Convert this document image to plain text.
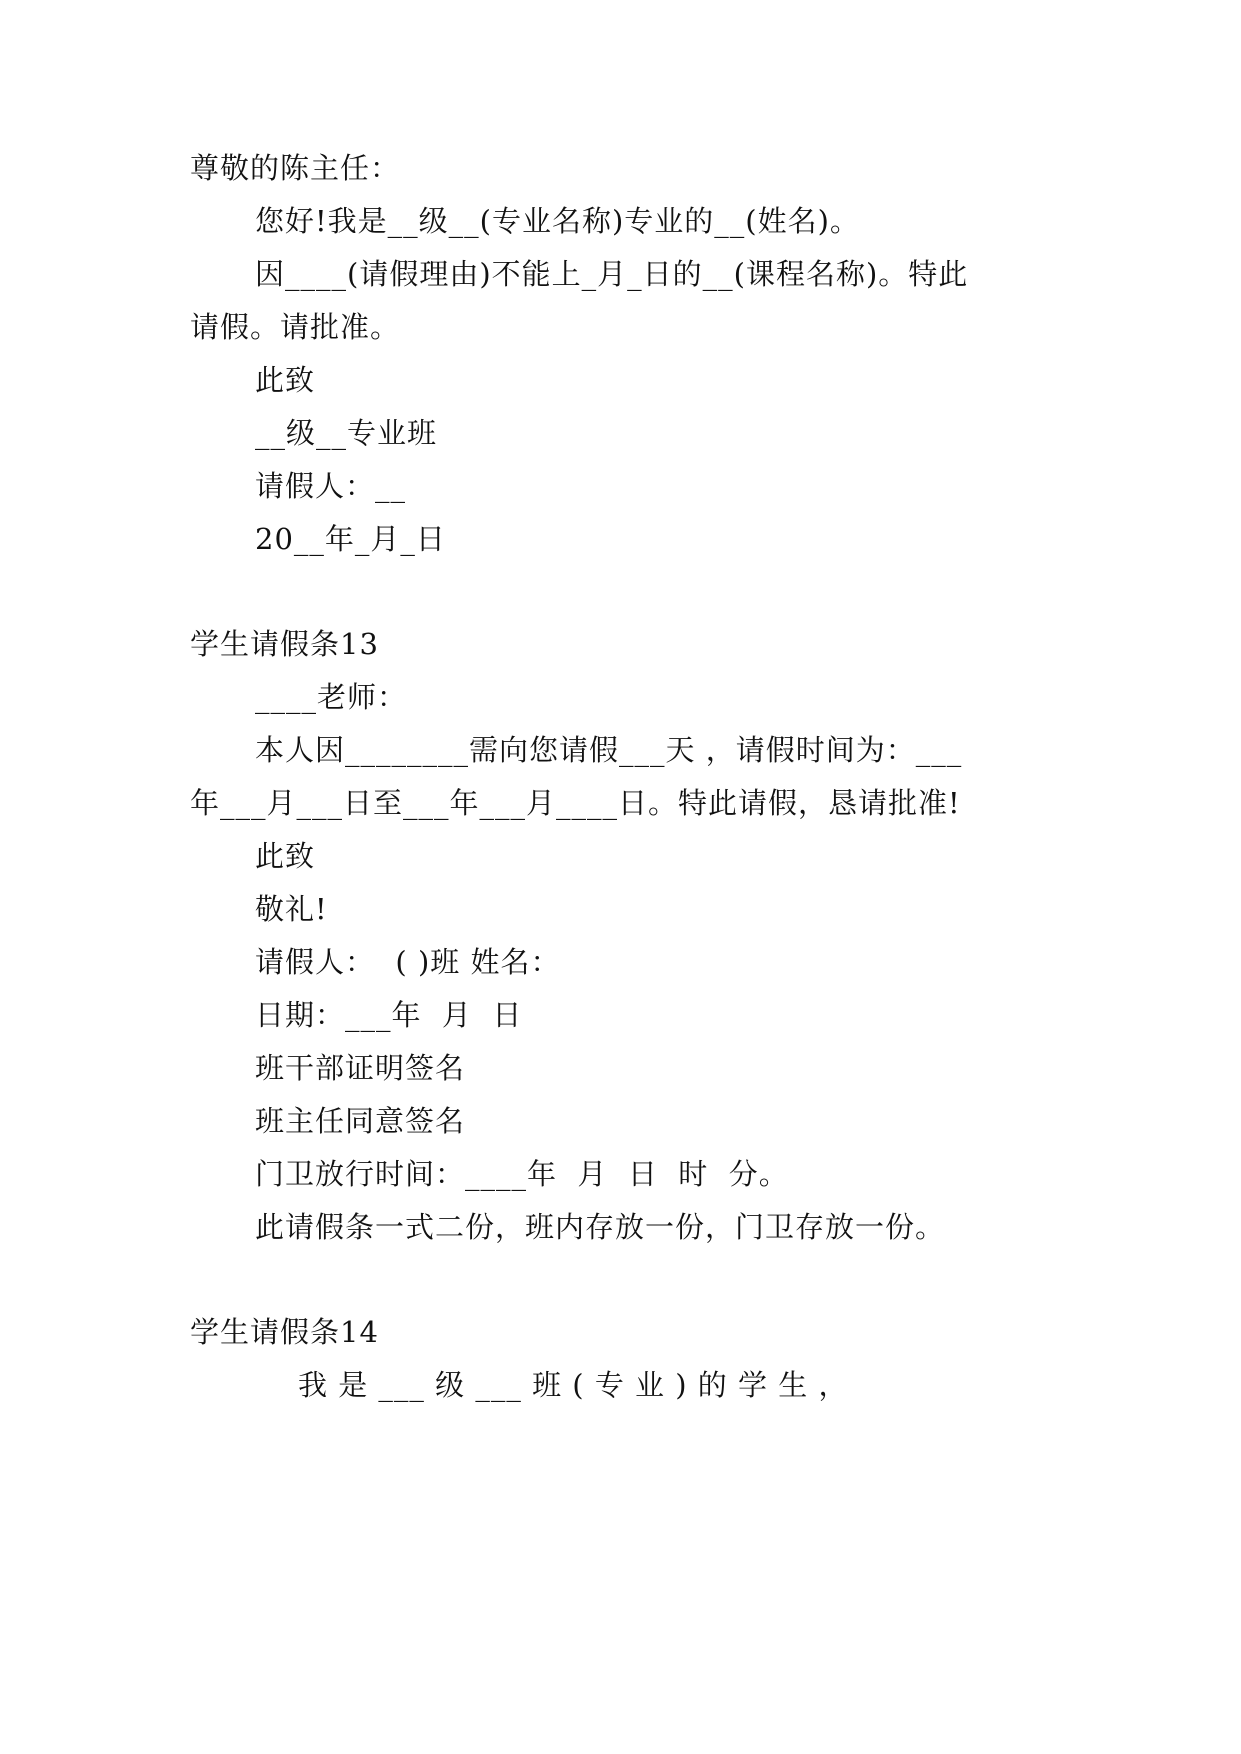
尊敬的陈主任：
您好!我是__级__(专业名称)专业的__(姓名)。
因____(请假理由)不能上_月_日的__(课程名称)。特此
请假。请批准。
此致
__级__专业班
请假人：__
20__年_月_日
学生请假条13
____老师：
本人因________需向您请假___天 ，请假时间为：___
年___月___日至___年___月____日。特此请假，恳请批准!
此致
敬礼!
请假人：  ( )班 姓名：
日期：___年  月  日
班干部证明签名
班主任同意签名
门卫放行时间：____年  月  日  时  分。
此请假条一式二份，班内存放一份，门卫存放一份。
学生请假条14
我 是 ___ 级 ___ 班 ( 专 业 ) 的 学 生 ，
